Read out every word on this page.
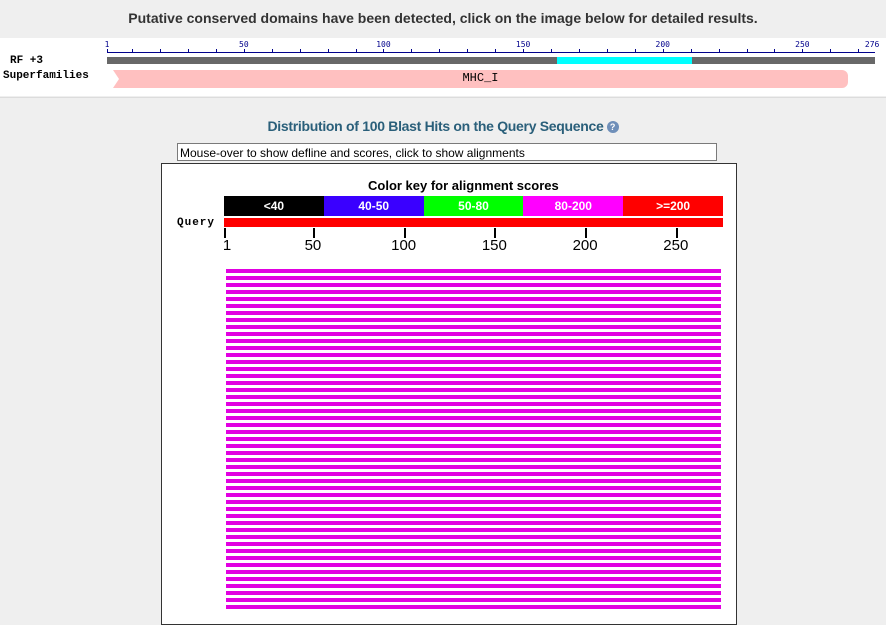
Putative conserved domains have been detected, click on the image below for detailed results.
RF +3
Superfamilies
1	50	100	150	200	250	276
MHC_I
Distribution of 100 Blast Hits on the Query Sequence ?
Mouse-over to show defline and scores, click to show alignments
Color key for alignment scores
<40	40-50	50-80	80-200	>=200
Query
1	50	100	150	200	250
